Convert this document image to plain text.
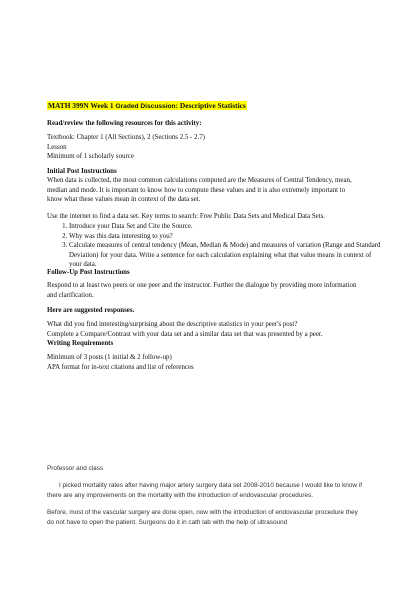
MATH 399N Week 1 Graded Discussion: Descriptive Statistics

Read/review the following resources for this activity:

Textbook: Chapter 1 (All Sections), 2 (Sections 2.5 - 2.7)

Lesson

Minimum of 1 scholarly source

Initial Post Instructions

When data is collected, the most common calculations computed are the Measures of Central Tendency, mean, median and mode. It is important to know how to compute these values and it is also extremely important to know what these values mean in context of the data set.

Use the internet to find a data set. Key terms to search: Free Public Data Sets and Medical Data Sets.

1. Introduce your Data Set and Cite the Source.
2. Why was this data interesting to you?
3. Calculate measures of central tendency (Mean, Median & Mode) and measures of variation (Range and Standard Deviation) for your data. Write a sentence for each calculation explaining what that value means in context of your data.

Follow-Up Post Instructions

Respond to at least two peers or one peer and the instructor. Further the dialogue by providing more information and clarification.

Here are suggested responses.

What did you find interesting/surprising about the descriptive statistics in your peer's post?

Complete a Compare/Contrast with your data set and a similar data set that was presented by a peer.

Writing Requirements

Minimum of 3 posts (1 initial & 2 follow-up)

APA format for in-text citations and list of references

Professor and class

I picked mortality rates after having major artery surgery data set 2008-2010 because I would like to know if there are any improvements on the mortality with the introduction of endovascular procedures.

Before, most of the vascular surgery are done open, now with the introduction of endovascular procedure they do not have to open the patient. Surgeons do it in cath lab with the help of ultrasound
